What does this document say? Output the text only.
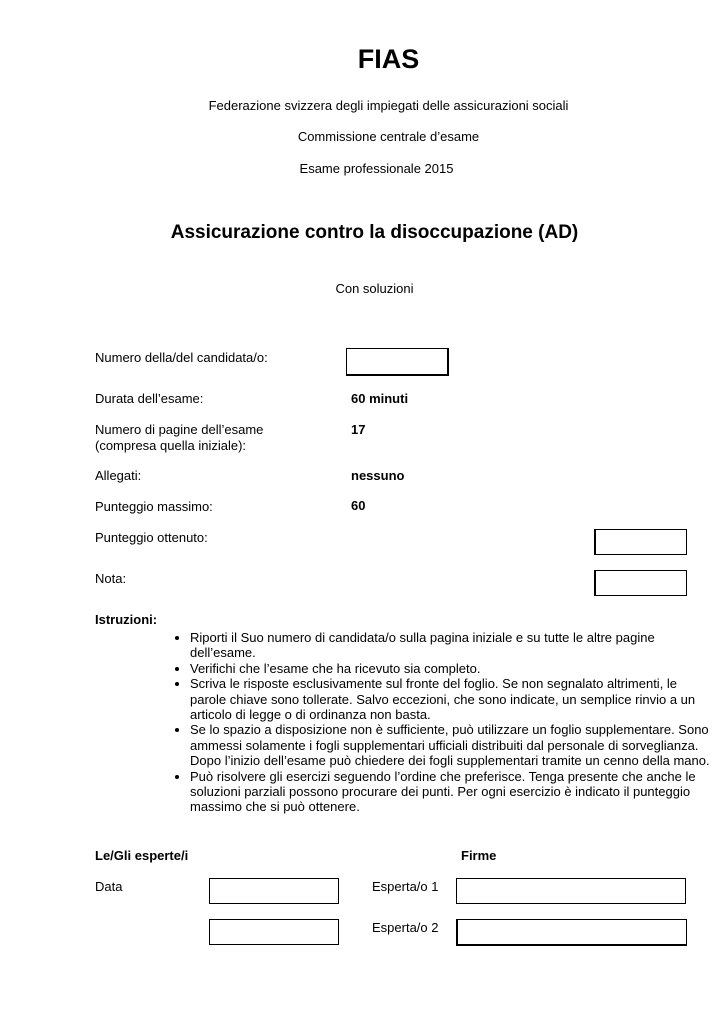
FIAS
Federazione svizzera degli impiegati delle assicurazioni sociali
Commissione centrale d’esame
Esame professionale 2015
Assicurazione contro la disoccupazione (AD)
Con soluzioni
Numero della/del candidata/o:
Durata dell’esame:	60 minuti
Numero di pagine dell’esame
(compresa quella iniziale):
17
Allegati:	nessuno
Punteggio massimo:	60
Punteggio ottenuto:
Nota:
Istruzioni:
• Riporti il Suo numero di candidata/o sulla pagina iniziale e su tutte le altre pagine dell’esame.
• Verifichi che l’esame che ha ricevuto sia completo.
• Scriva le risposte esclusivamente sul fronte del foglio. Se non segnalato altrimenti, le parole chiave sono tollerate. Salvo eccezioni, che sono indicate, un semplice rinvio a un articolo di legge o di ordinanza non basta.
• Se lo spazio a disposizione non è sufficiente, può utilizzare un foglio supplementare. Sono ammessi solamente i fogli supplementari ufficiali distribuiti dal personale di sorveglianza. Dopo l’inizio dell’esame può chiedere dei fogli supplementari tramite un cenno della mano.
• Può risolvere gli esercizi seguendo l’ordine che preferisce. Tenga presente che anche le soluzioni parziali possono procurare dei punti. Per ogni esercizio è indicato il punteggio massimo che si può ottenere.
Le/Gli esperte/i	Firme
Data	Esperta/o 1
Esperta/o 2
